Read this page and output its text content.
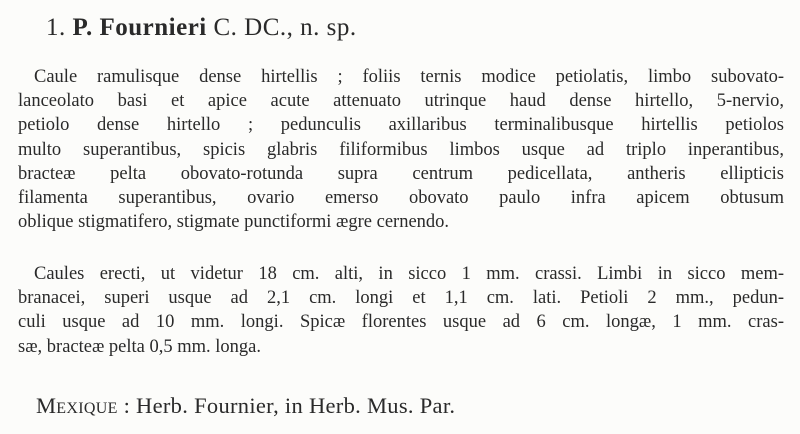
1. P. Fournieri C. DC., n. sp.
Caule ramulisque dense hirtellis ; foliis ternis modice petiolatis, limbo subovato-
lanceolato basi et apice acute attenuato utrinque haud dense hirtello, 5-nervio,
petiolo dense hirtello ; pedunculis axillaribus terminalibusque hirtellis petiolos
multo superantibus, spicis glabris filiformibus limbos usque ad triplo inperantibus,
bracteæ pelta obovato-rotunda supra centrum pedicellata, antheris ellipticis
filamenta superantibus, ovario emerso obovato paulo infra apicem obtusum
oblique stigmatifero, stigmate punctiformi ægre cernendo.
Caules erecti, ut videtur 18 cm. alti, in sicco 1 mm. crassi. Limbi in sicco mem-
branacei, superi usque ad 2,1 cm. longi et 1,1 cm. lati. Petioli 2 mm., pedun-
culi usque ad 10 mm. longi. Spicæ florentes usque ad 6 cm. longæ, 1 mm. cras-
sæ, bracteæ pelta 0,5 mm. longa.
Mexique : Herb. Fournier, in Herb. Mus. Par.
